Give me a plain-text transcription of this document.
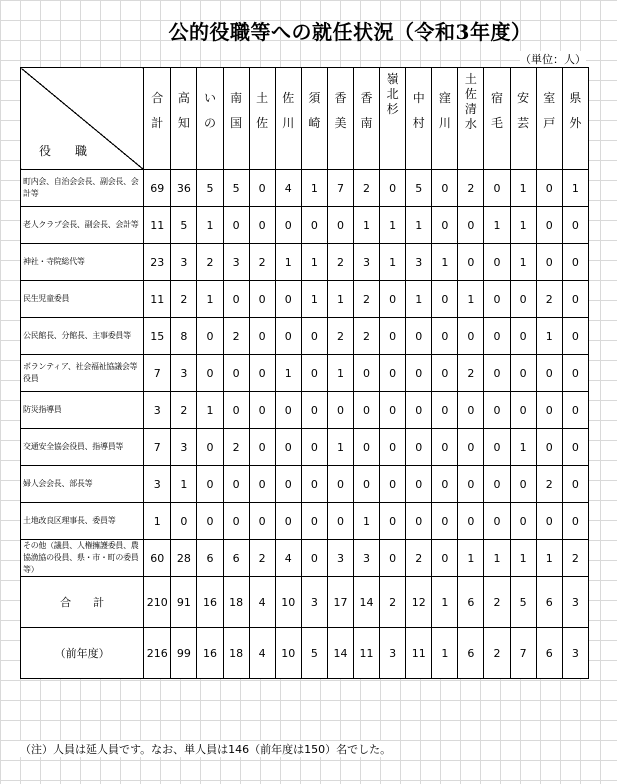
公的役職等への就任状況（令和3年度）
（単位：人）
役　職	合計	高知	いの	南国	土佐	佐川	須崎	香美	香南	嶺北杉	中村	窪川	土佐清水	宿毛	安芸	室戸	県外
町内会、自治会会長、副会長、会計等	69	36	5	5	0	4	1	7	2	0	5	0	2	0	1	0	1
老人クラブ会長、副会長、会計等	11	5	1	0	0	0	0	0	1	1	1	0	0	1	1	0	0
神社・寺院総代等	23	3	2	3	2	1	1	2	3	1	3	1	0	0	1	0	0
民生児童委員	11	2	1	0	0	0	1	1	2	0	1	0	1	0	0	2	0
公民館長、分館長、主事委員等	15	8	0	2	0	0	0	2	2	0	0	0	0	0	0	1	0
ボランティア、社会福祉協議会等役員	7	3	0	0	0	1	0	1	0	0	0	0	2	0	0	0	0
防災指導員	3	2	1	0	0	0	0	0	0	0	0	0	0	0	0	0	0
交通安全協会役員、指導員等	7	3	0	2	0	0	0	1	0	0	0	0	0	0	1	0	0
婦人会会長、部長等	3	1	0	0	0	0	0	0	0	0	0	0	0	0	0	2	0
土地改良区理事長、委員等	1	0	0	0	0	0	0	0	1	0	0	0	0	0	0	0	0
その他（議員、人権擁護委員、農協漁協の役員、県・市・町の委員等）	60	28	6	6	2	4	0	3	3	0	2	0	1	1	1	1	2
合　　計	210	91	16	18	4	10	3	17	14	2	12	1	6	2	5	6	3
（前年度）	216	99	16	18	4	10	5	14	11	3	11	1	6	2	7	6	3
（注）人員は延人員です。なお、単人員は146（前年度は150）名でした。
